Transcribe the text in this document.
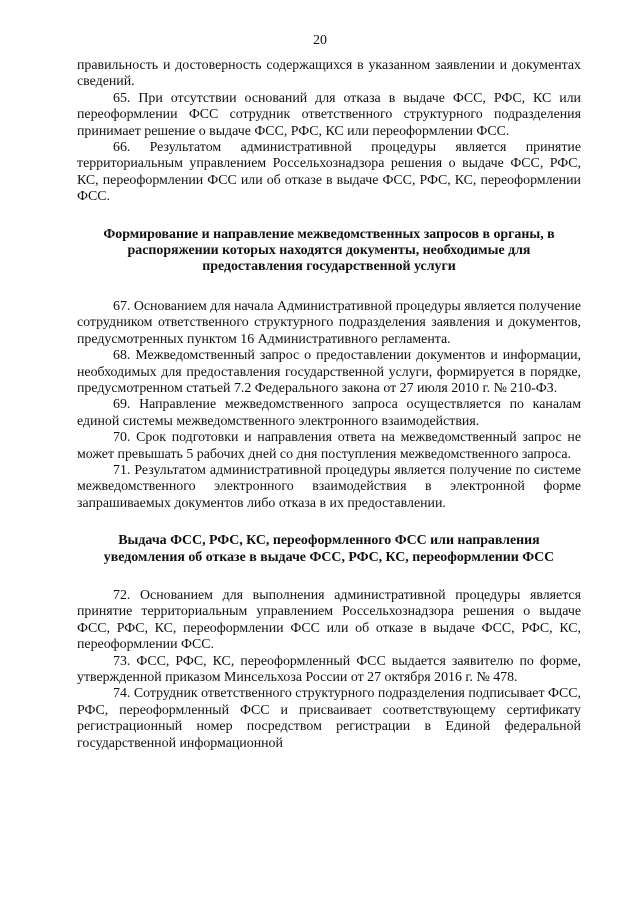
20

правильность и достоверность содержащихся в указанном заявлении и документах сведений.

65. При отсутствии оснований для отказа в выдаче ФСС, РФС, КС или переоформлении ФСС сотрудник ответственного структурного подразделения принимает решение о выдаче ФСС, РФС, КС или переоформлении ФСС.

66. Результатом административной процедуры является принятие территориальным управлением Россельхознадзора решения о выдаче ФСС, РФС, КС, переоформлении ФСС или об отказе в выдаче ФСС, РФС, КС, переоформлении ФСС.

Формирование и направление межведомственных запросов в органы, в распоряжении которых находятся документы, необходимые для предоставления государственной услуги

67. Основанием для начала Административной процедуры является получение сотрудником ответственного структурного подразделения заявления и документов, предусмотренных пунктом 16 Административного регламента.

68. Межведомственный запрос о предоставлении документов и информации, необходимых для предоставления государственной услуги, формируется в порядке, предусмотренном статьей 7.2 Федерального закона от 27 июля 2010 г. № 210-ФЗ.

69. Направление межведомственного запроса осуществляется по каналам единой системы межведомственного электронного взаимодействия.

70. Срок подготовки и направления ответа на межведомственный запрос не может превышать 5 рабочих дней со дня поступления межведомственного запроса.

71. Результатом административной процедуры является получение по системе межведомственного электронного взаимодействия в электронной форме запрашиваемых документов либо отказа в их предоставлении.

Выдача ФСС, РФС, КС, переоформленного ФСС или направления уведомления об отказе в выдаче ФСС, РФС, КС, переоформлении ФСС

72. Основанием для выполнения административной процедуры является принятие территориальным управлением Россельхознадзора решения о выдаче ФСС, РФС, КС, переоформлении ФСС или об отказе в выдаче ФСС, РФС, КС, переоформлении ФСС.

73. ФСС, РФС, КС, переоформленный ФСС выдается заявителю по форме, утвержденной приказом Минсельхоза России от 27 октября 2016 г. № 478.

74. Сотрудник ответственного структурного подразделения подписывает ФСС, РФС, переоформленный ФСС и присваивает соответствующему сертификату регистрационный номер посредством регистрации в Единой федеральной государственной информационной
